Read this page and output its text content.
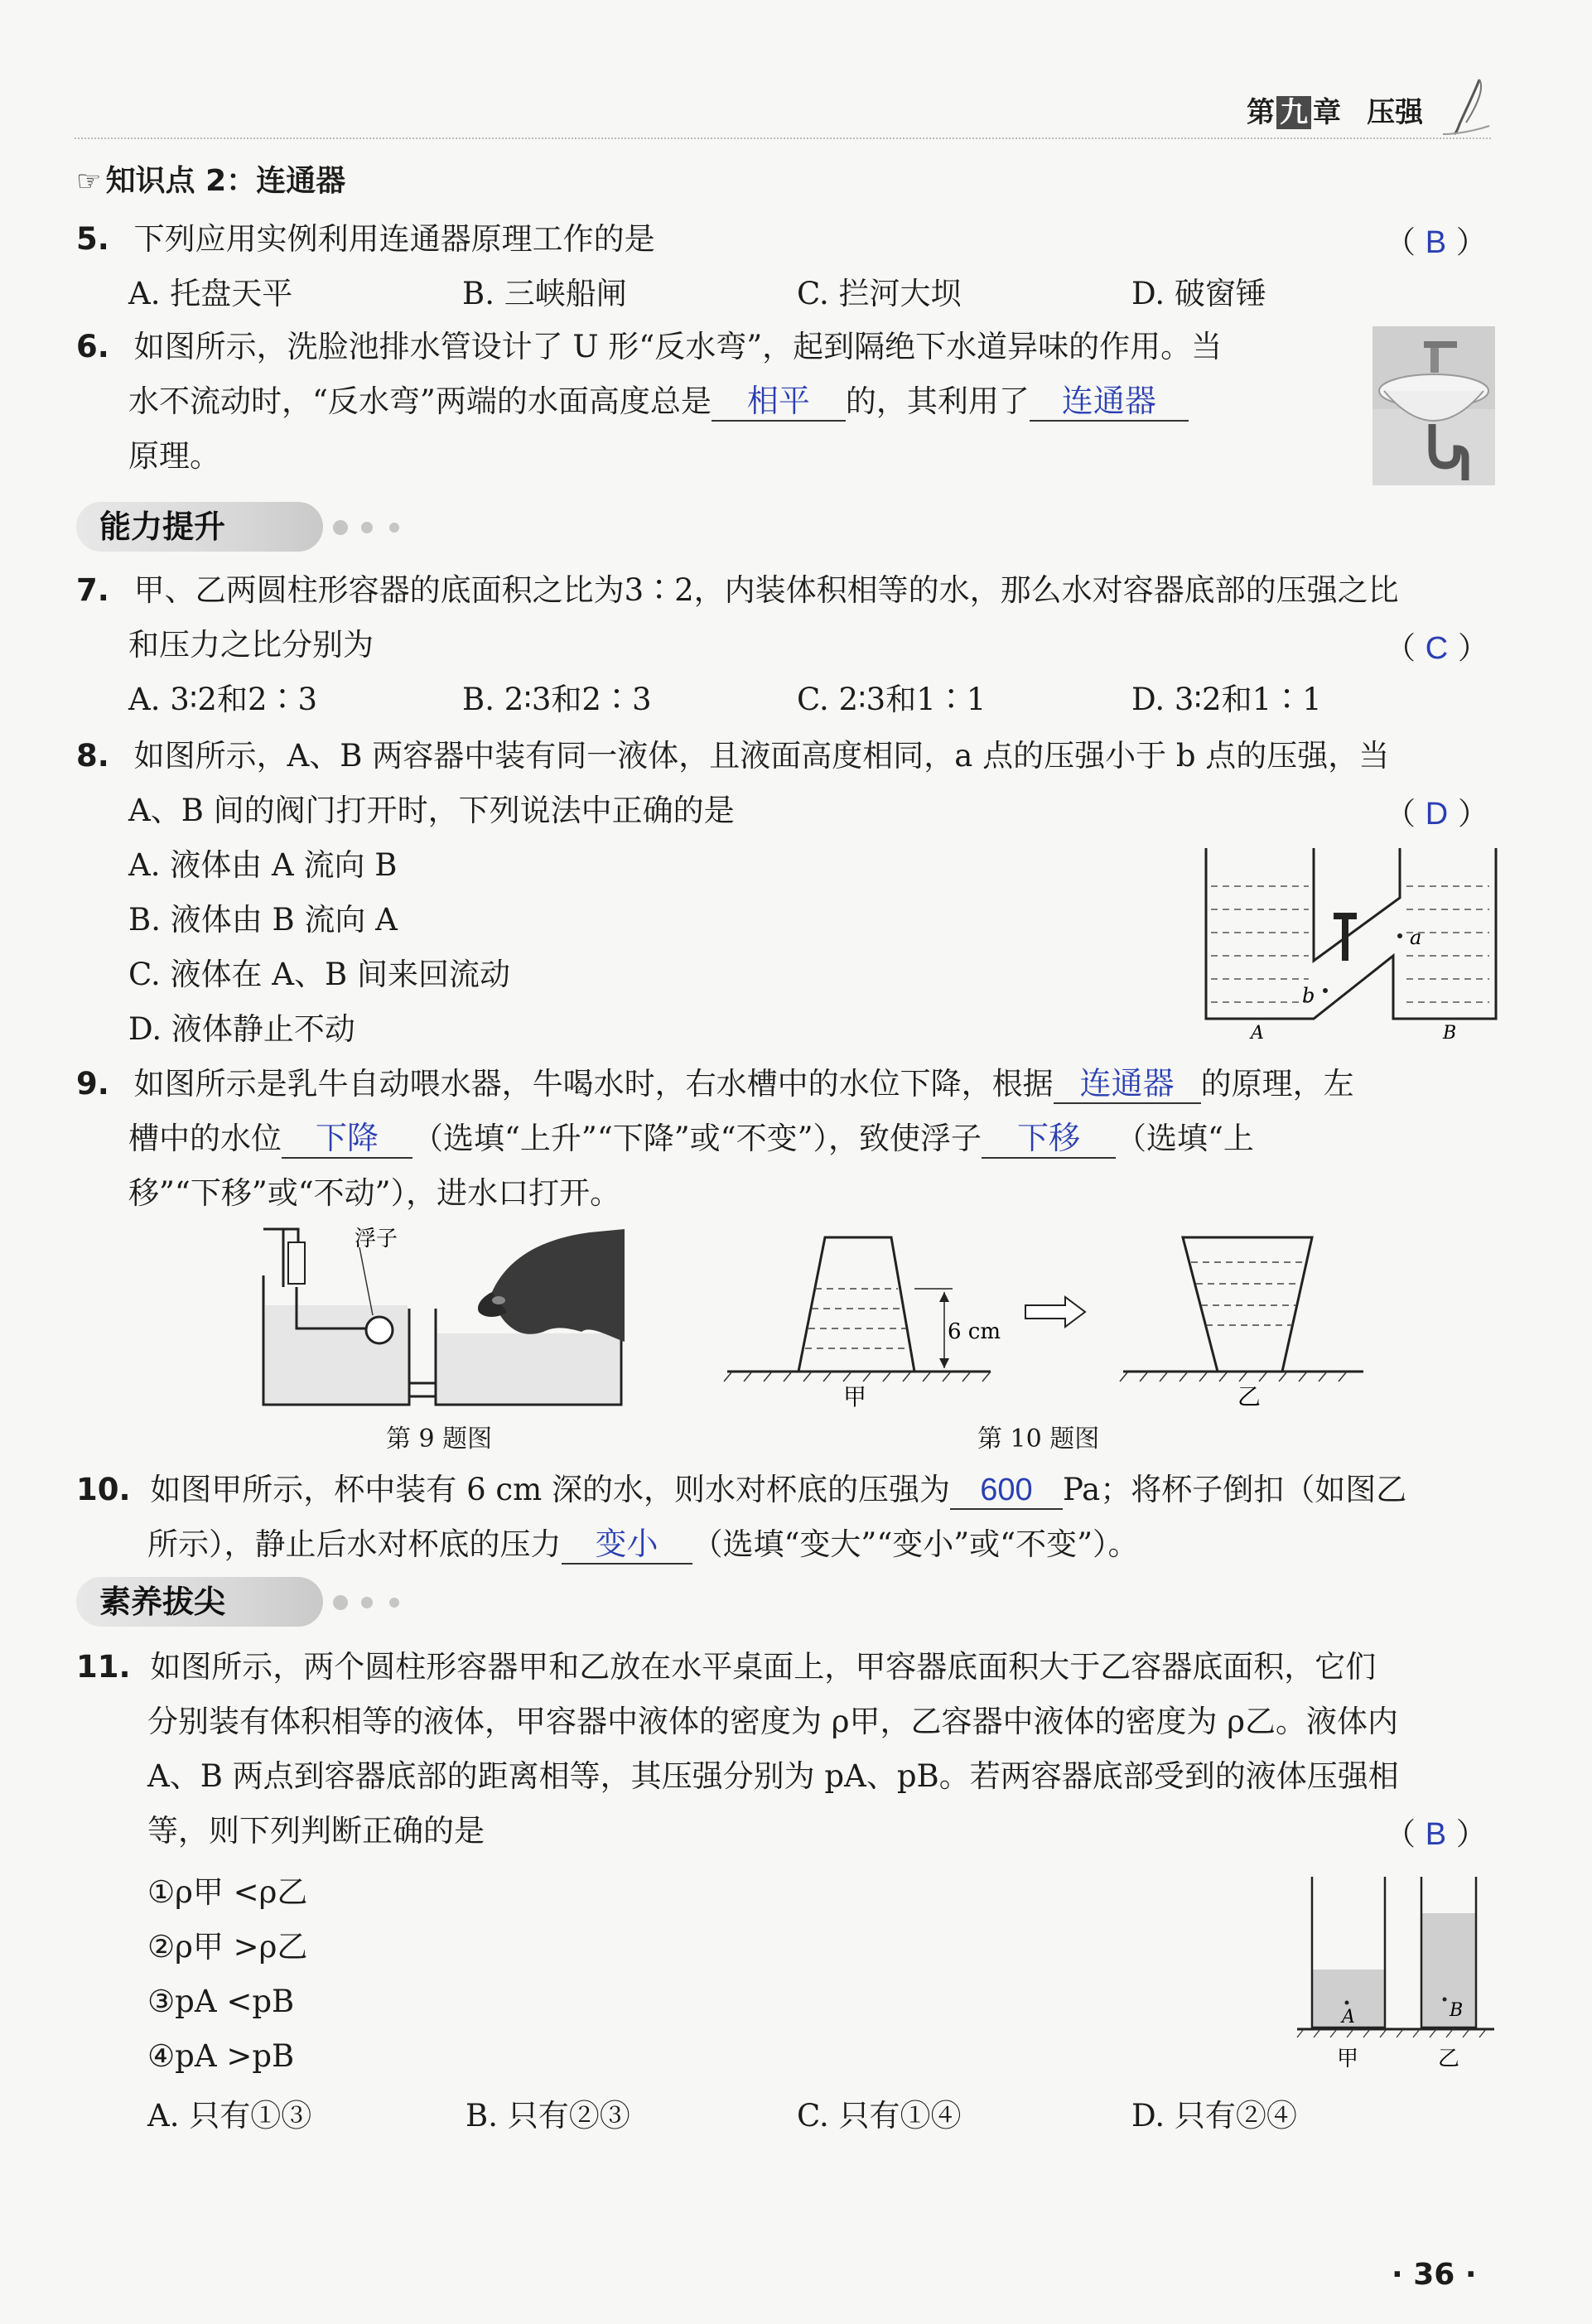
第 九 章 压强
☞ 知识点 2：连通器
5. 下列应用实例利用连通器原理工作的是	（ B ）
A. 托盘天平	B. 三峡船闸	C. 拦河大坝	D. 破窗锤
6. 如图所示，洗脸池排水管设计了 U 形“反水弯”，起到隔绝下水道异味的作用。当
水不流动时，“反水弯”两端的水面高度总是 相平 的，其利用了 连通器
原理。
能力提升
7. 甲、乙两圆柱形容器的底面积之比为3∶2，内装体积相等的水，那么水对容器底部的压强之比
和压力之比分别为	（ C ）
A. 3∶2和2∶3	B. 2∶3和2∶3	C. 2∶3和1∶1	D. 3∶2和1∶1
8. 如图所示，A、B 两容器中装有同一液体，且液面高度相同，a 点的压强小于 b 点的压强，当
A、B 间的阀门打开时，下列说法中正确的是	（ D ）
A. 液体由 A 流向 B
B. 液体由 B 流向 A
C. 液体在 A、B 间来回流动
D. 液体静止不动
b
a
A	B
9. 如图所示是乳牛自动喂水器，牛喝水时，右水槽中的水位下降，根据 连通器 的原理，左
槽中的水位 下降 （选填“上升”“下降”或“不变”），致使浮子 下移 （选填“上
移”“下移”或“不动”），进水口打开。
浮子
第 9 题图
6 cm
甲	乙
第 10 题图
10. 如图甲所示，杯中装有 6 cm 深的水，则水对杯底的压强为 600 Pa；将杯子倒扣（如图乙
所示），静止后水对杯底的压力 变小 （选填“变大”“变小”或“不变”）。
素养拔尖
11. 如图所示，两个圆柱形容器甲和乙放在水平桌面上，甲容器底面积大于乙容器底面积，它们
分别装有体积相等的液体，甲容器中液体的密度为 ρ甲，乙容器中液体的密度为 ρ乙。液体内
A、B 两点到容器底部的距离相等，其压强分别为 pA、pB。若两容器底部受到的液体压强相
等，则下列判断正确的是	（ B ）
①ρ甲 <ρ乙
②ρ甲 >ρ乙
③pA <pB
④pA >pB
A. 只有①③	B. 只有②③	C. 只有①④	D. 只有②④
A	B
甲	乙
· 36 ·
